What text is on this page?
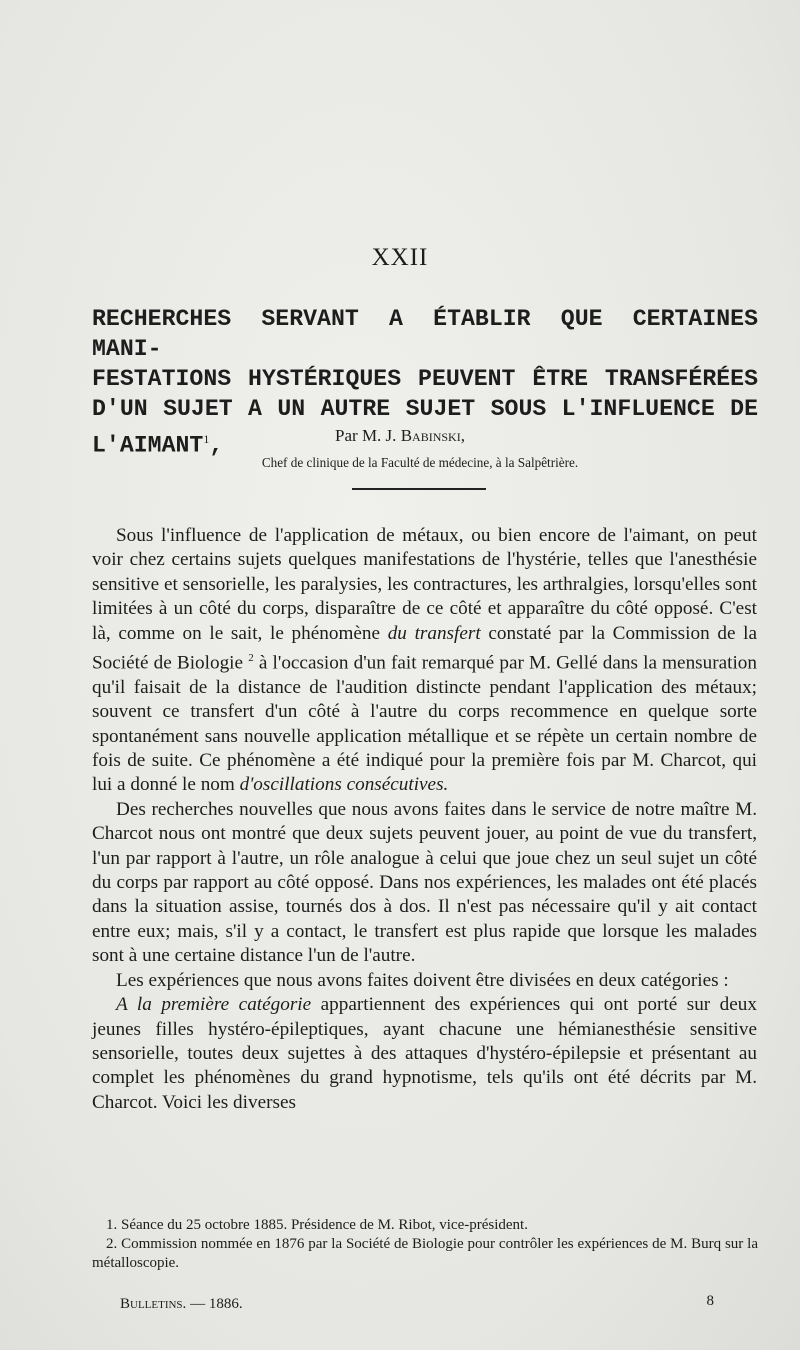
XXII
RECHERCHES SERVANT A ÉTABLIR QUE CERTAINES MANI-
FESTATIONS HYSTÉRIQUES PEUVENT ÊTRE TRANSFÉRÉES
D'UN SUJET A UN AUTRE SUJET SOUS L'INFLUENCE DE
L'AIMANT$^1$,	Par M. J. Babinski,
Chef de clinique de la Faculté de médecine, à la Salpêtrière.

Sous l'influence de l'application de métaux, ou bien encore de l'aimant, on peut voir chez certains sujets quelques manifestations de l'hystérie, telles que l'anesthésie sensitive et sensorielle, les paralysies, les contractures, les arthralgies, lorsqu'elles sont limitées à un côté du corps, disparaître de ce côté et apparaître du côté opposé. C'est là, comme on le sait, le phénomène du transfert constaté par la Commission de la Société de Biologie $^2$ à l'occasion d'un fait remarqué par M. Gellé dans la mensuration qu'il faisait de la distance de l'audition distincte pendant l'application des métaux; souvent ce transfert d'un côté à l'autre du corps recommence en quelque sorte spontanément sans nouvelle application métallique et se répète un certain nombre de fois de suite. Ce phénomène a été indiqué pour la première fois par M. Charcot, qui lui a donné le nom d'oscillations consécutives.

Des recherches nouvelles que nous avons faites dans le service de notre maître M. Charcot nous ont montré que deux sujets peuvent jouer, au point de vue du transfert, l'un par rapport à l'autre, un rôle analogue à celui que joue chez un seul sujet un côté du corps par rapport au côté opposé. Dans nos expériences, les malades ont été placés dans la situation assise, tournés dos à dos. Il n'est pas nécessaire qu'il y ait contact entre eux; mais, s'il y a contact, le transfert est plus rapide que lorsque les malades sont à une certaine distance l'un de l'autre.

Les expériences que nous avons faites doivent être divisées en deux catégories :

A la première catégorie appartiennent des expériences qui ont porté sur deux jeunes filles hystéro-épileptiques, ayant chacune une hémianesthésie sensitive sensorielle, toutes deux sujettes à des attaques d'hystéro-épilepsie et présentant au complet les phénomènes du grand hypnotisme, tels qu'ils ont été décrits par M. Charcot. Voici les diverses

1. Séance du 25 octobre 1885. Présidence de M. Ribot, vice-président.

2. Commission nommée en 1876 par la Société de Biologie pour contrôler les expériences de M. Burq sur la métalloscopie.

Bulletins. — 1886.	8
